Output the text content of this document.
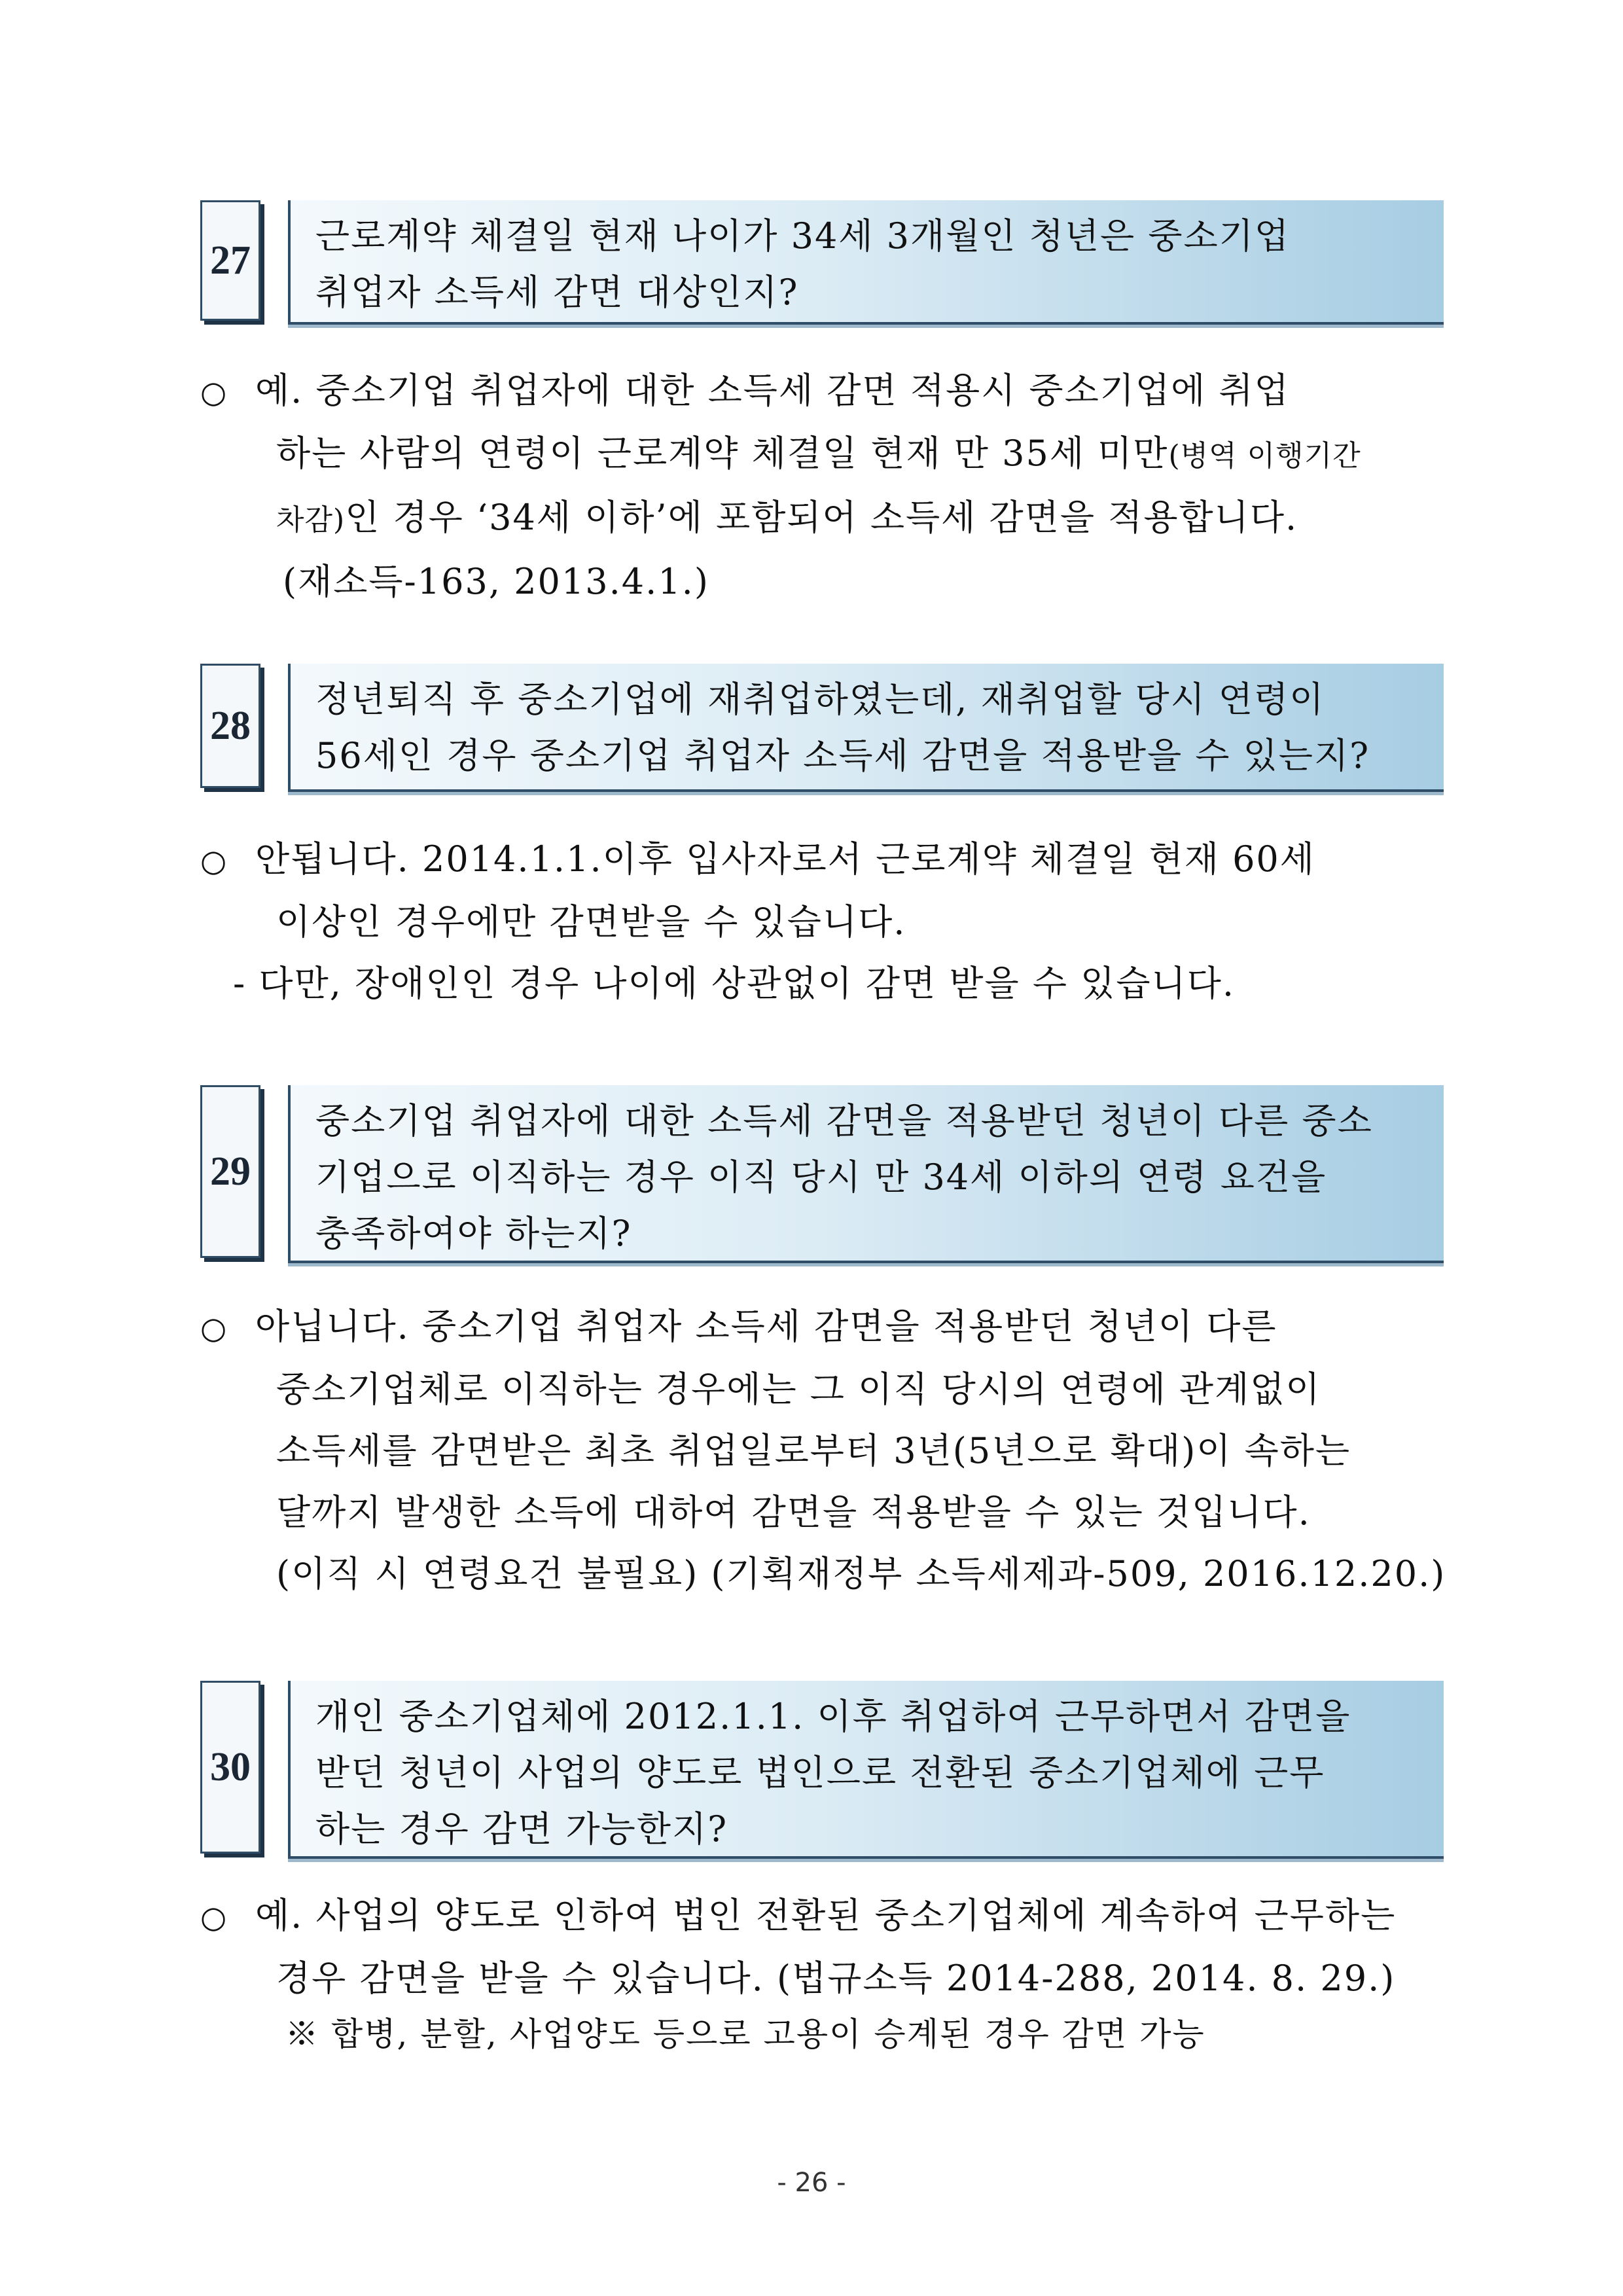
27
근로계약 체결일 현재 나이가 34세 3개월인 청년은 중소기업
취업자 소득세 감면 대상인지?
○ 예. 중소기업 취업자에 대한 소득세 감면 적용시 중소기업에 취업
하는 사람의 연령이 근로계약 체결일 현재 만 35세 미만(병역 이행기간
차감)인 경우 ‘34세 이하’에 포함되어 소득세 감면을 적용합니다.
(재소득-163, 2013.4.1.)
28
정년퇴직 후 중소기업에 재취업하였는데, 재취업할 당시 연령이
56세인 경우 중소기업 취업자 소득세 감면을 적용받을 수 있는지?
○ 안됩니다. 2014.1.1.이후 입사자로서 근로계약 체결일 현재 60세
이상인 경우에만 감면받을 수 있습니다.
- 다만, 장애인인 경우 나이에 상관없이 감면 받을 수 있습니다.
29
중소기업 취업자에 대한 소득세 감면을 적용받던 청년이 다른 중소
기업으로 이직하는 경우 이직 당시 만 34세 이하의 연령 요건을
충족하여야 하는지?
○ 아닙니다. 중소기업 취업자 소득세 감면을 적용받던 청년이 다른
중소기업체로 이직하는 경우에는 그 이직 당시의 연령에 관계없이
소득세를 감면받은 최초 취업일로부터 3년(5년으로 확대)이 속하는
달까지 발생한 소득에 대하여 감면을 적용받을 수 있는 것입니다.
(이직 시 연령요건 불필요) (기획재정부 소득세제과-509, 2016.12.20.)
30
개인 중소기업체에 2012.1.1. 이후 취업하여 근무하면서 감면을
받던 청년이 사업의 양도로 법인으로 전환된 중소기업체에 근무
하는 경우 감면 가능한지?
○ 예. 사업의 양도로 인하여 법인 전환된 중소기업체에 계속하여 근무하는
경우 감면을 받을 수 있습니다. (법규소득 2014-288, 2014. 8. 29.)
※ 합병, 분할, 사업양도 등으로 고용이 승계된 경우 감면 가능
- 26 -
